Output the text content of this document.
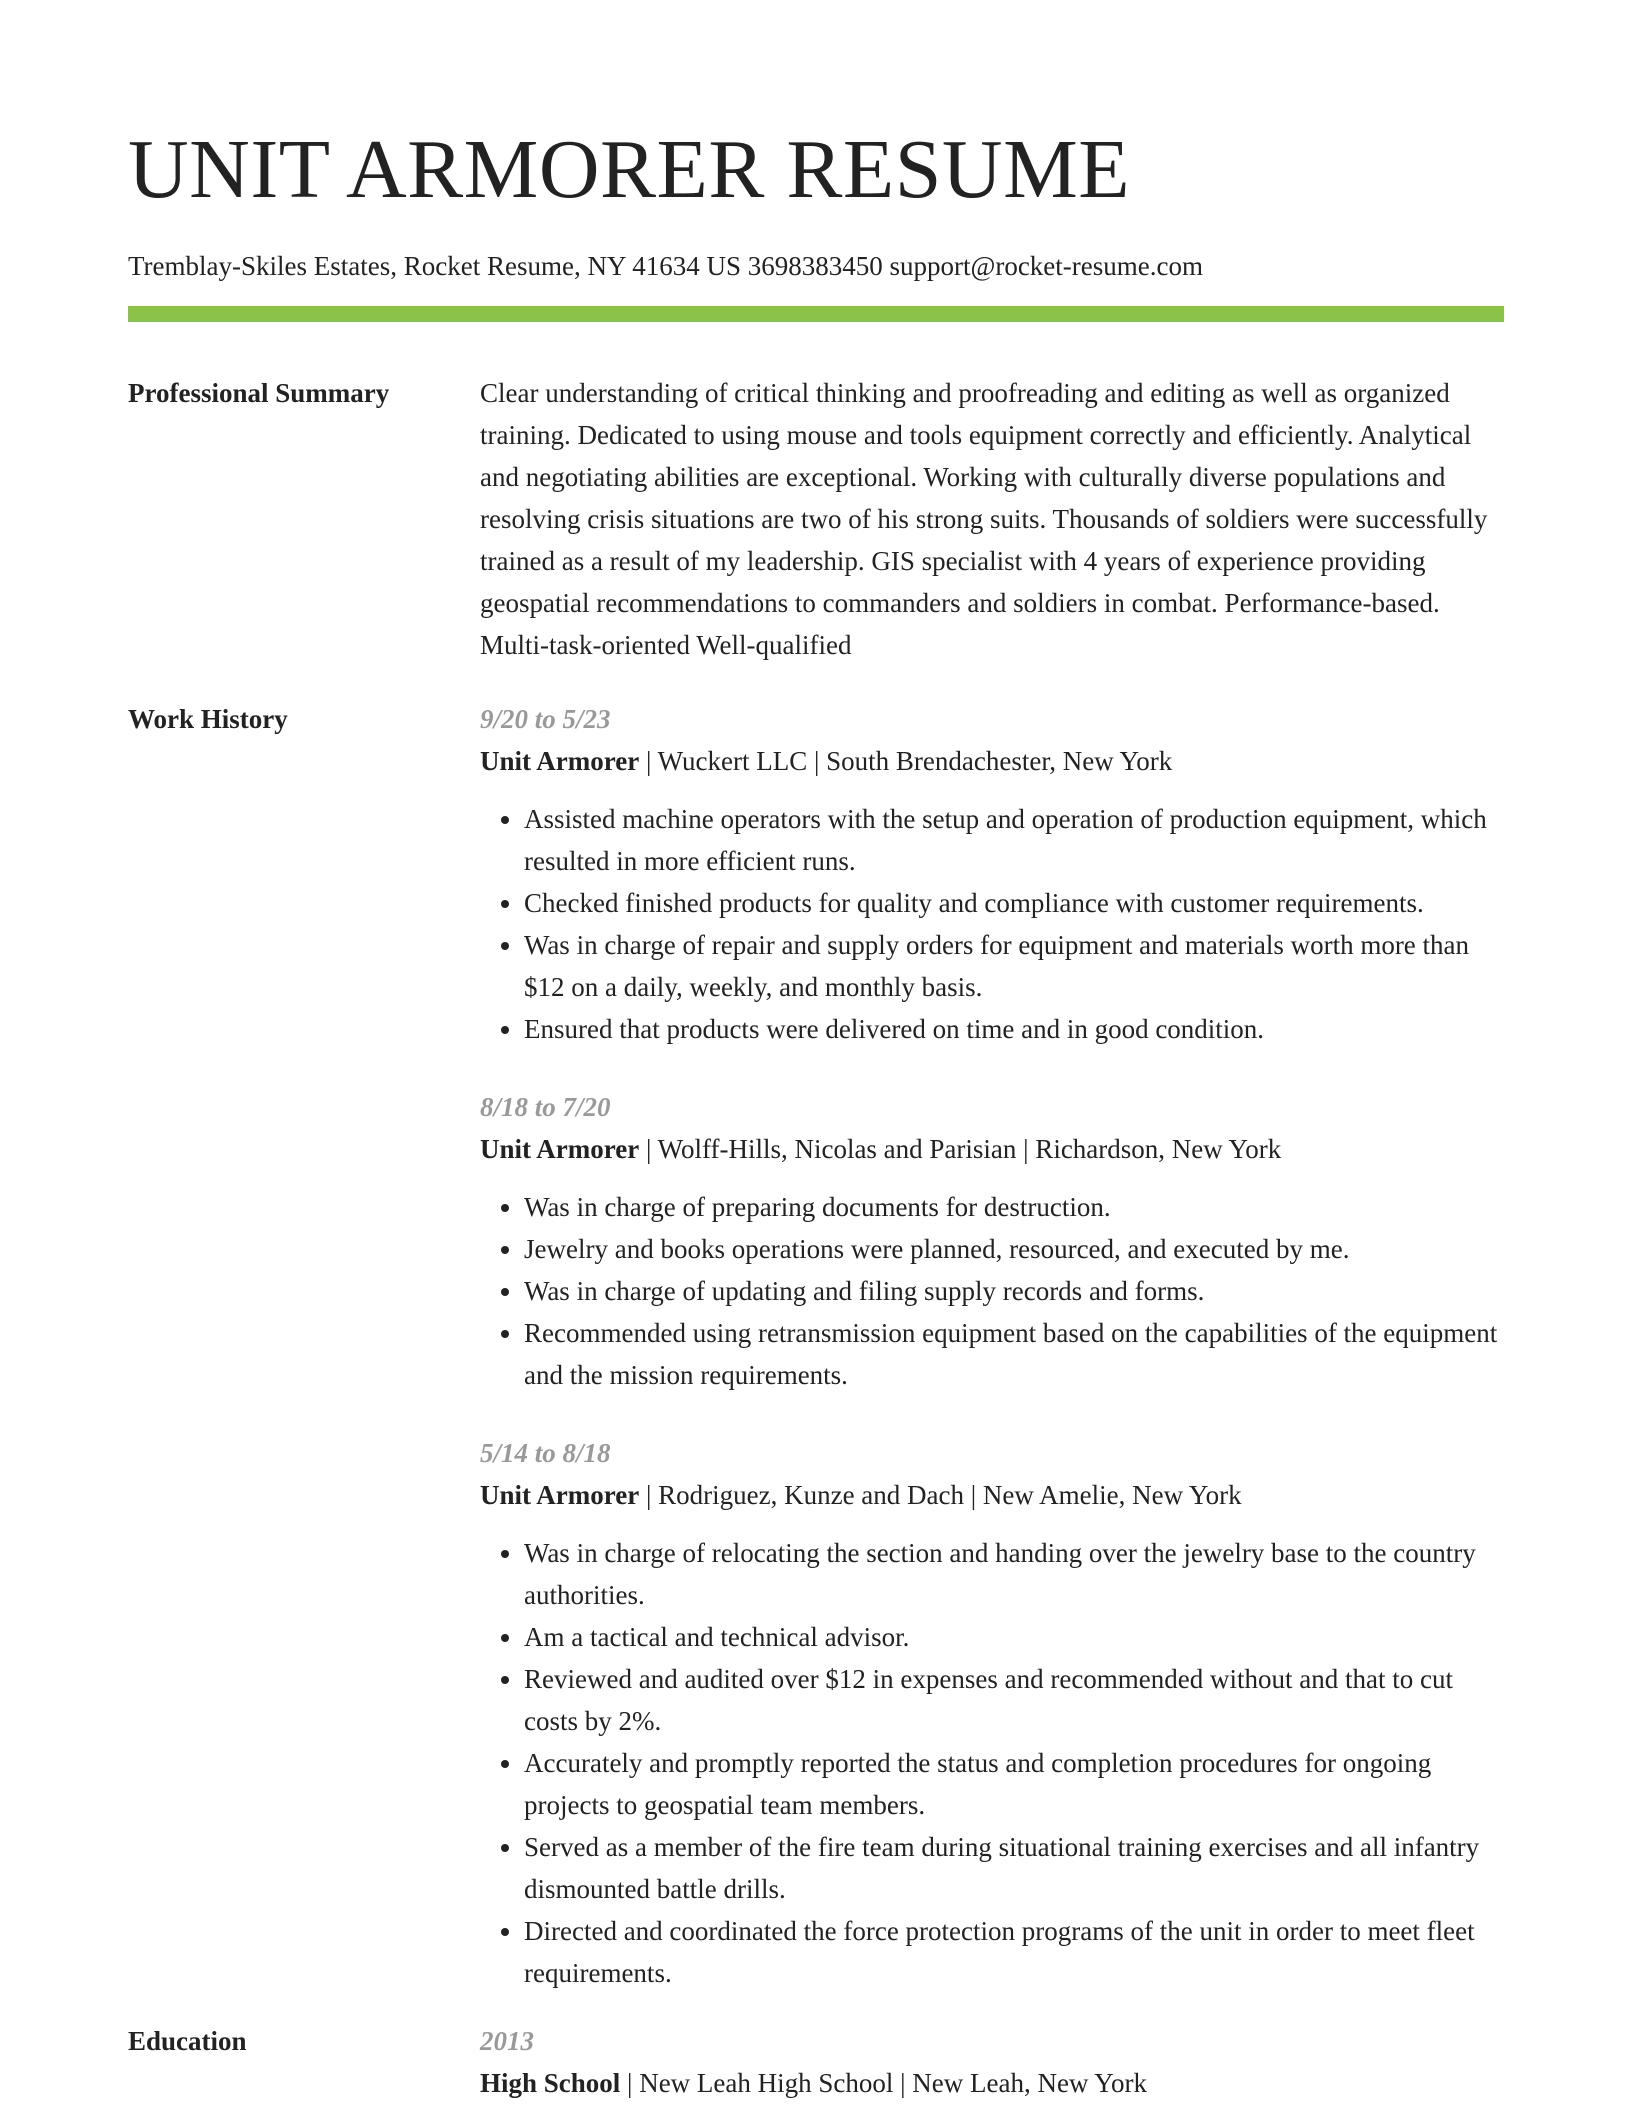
UNIT ARMORER RESUME
Tremblay-Skiles Estates, Rocket Resume, NY 41634 US 3698383450 support@rocket-resume.com
Professional Summary	Clear understanding of critical thinking and proofreading and editing as well as organized training. Dedicated to using mouse and tools equipment correctly and efficiently. Analytical and negotiating abilities are exceptional. Working with culturally diverse populations and resolving crisis situations are two of his strong suits. Thousands of soldiers were successfully trained as a result of my leadership. GIS specialist with 4 years of experience providing geospatial recommendations to commanders and soldiers in combat. Performance-based. Multi-task-oriented Well-qualified

Work History	9/20 to 5/23
Unit Armorer | Wuckert LLC | South Brendachester, New York
• Assisted machine operators with the setup and operation of production equipment, which resulted in more efficient runs.
• Checked finished products for quality and compliance with customer requirements.
• Was in charge of repair and supply orders for equipment and materials worth more than $12 on a daily, weekly, and monthly basis.
• Ensured that products were delivered on time and in good condition.
8/18 to 7/20
Unit Armorer | Wolff-Hills, Nicolas and Parisian | Richardson, New York
• Was in charge of preparing documents for destruction.
• Jewelry and books operations were planned, resourced, and executed by me.
• Was in charge of updating and filing supply records and forms.
• Recommended using retransmission equipment based on the capabilities of the equipment and the mission requirements.
5/14 to 8/18
Unit Armorer | Rodriguez, Kunze and Dach | New Amelie, New York
• Was in charge of relocating the section and handing over the jewelry base to the country authorities.
• Am a tactical and technical advisor.
• Reviewed and audited over $12 in expenses and recommended without and that to cut costs by 2%.
• Accurately and promptly reported the status and completion procedures for ongoing projects to geospatial team members.
• Served as a member of the fire team during situational training exercises and all infantry dismounted battle drills.
• Directed and coordinated the force protection programs of the unit in order to meet fleet requirements.
Education	2013
High School | New Leah High School | New Leah, New York
